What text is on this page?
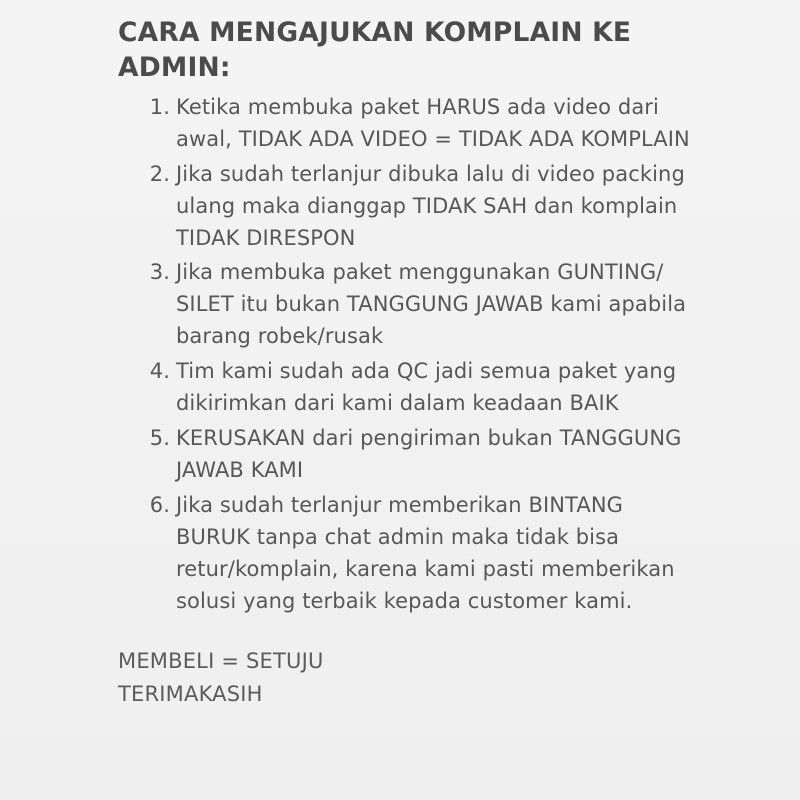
CARA MENGAJUKAN KOMPLAIN KE ADMIN:
Ketika membuka paket HARUS ada video dari awal, TIDAK ADA VIDEO = TIDAK ADA KOMPLAIN
Jika sudah terlanjur dibuka lalu di video packing ulang maka dianggap TIDAK SAH dan komplain TIDAK DIRESPON
Jika membuka paket menggunakan GUNTING/ SILET itu bukan TANGGUNG JAWAB kami apabila barang robek/rusak
Tim kami sudah ada QC jadi semua paket yang dikirimkan dari kami dalam keadaan BAIK
KERUSAKAN dari pengiriman bukan TANGGUNG JAWAB KAMI
Jika sudah terlanjur memberikan BINTANG BURUK tanpa chat admin maka tidak bisa retur/komplain, karena kami pasti memberikan solusi yang terbaik kepada customer kami.
MEMBELI = SETUJU
TERIMAKASIH
